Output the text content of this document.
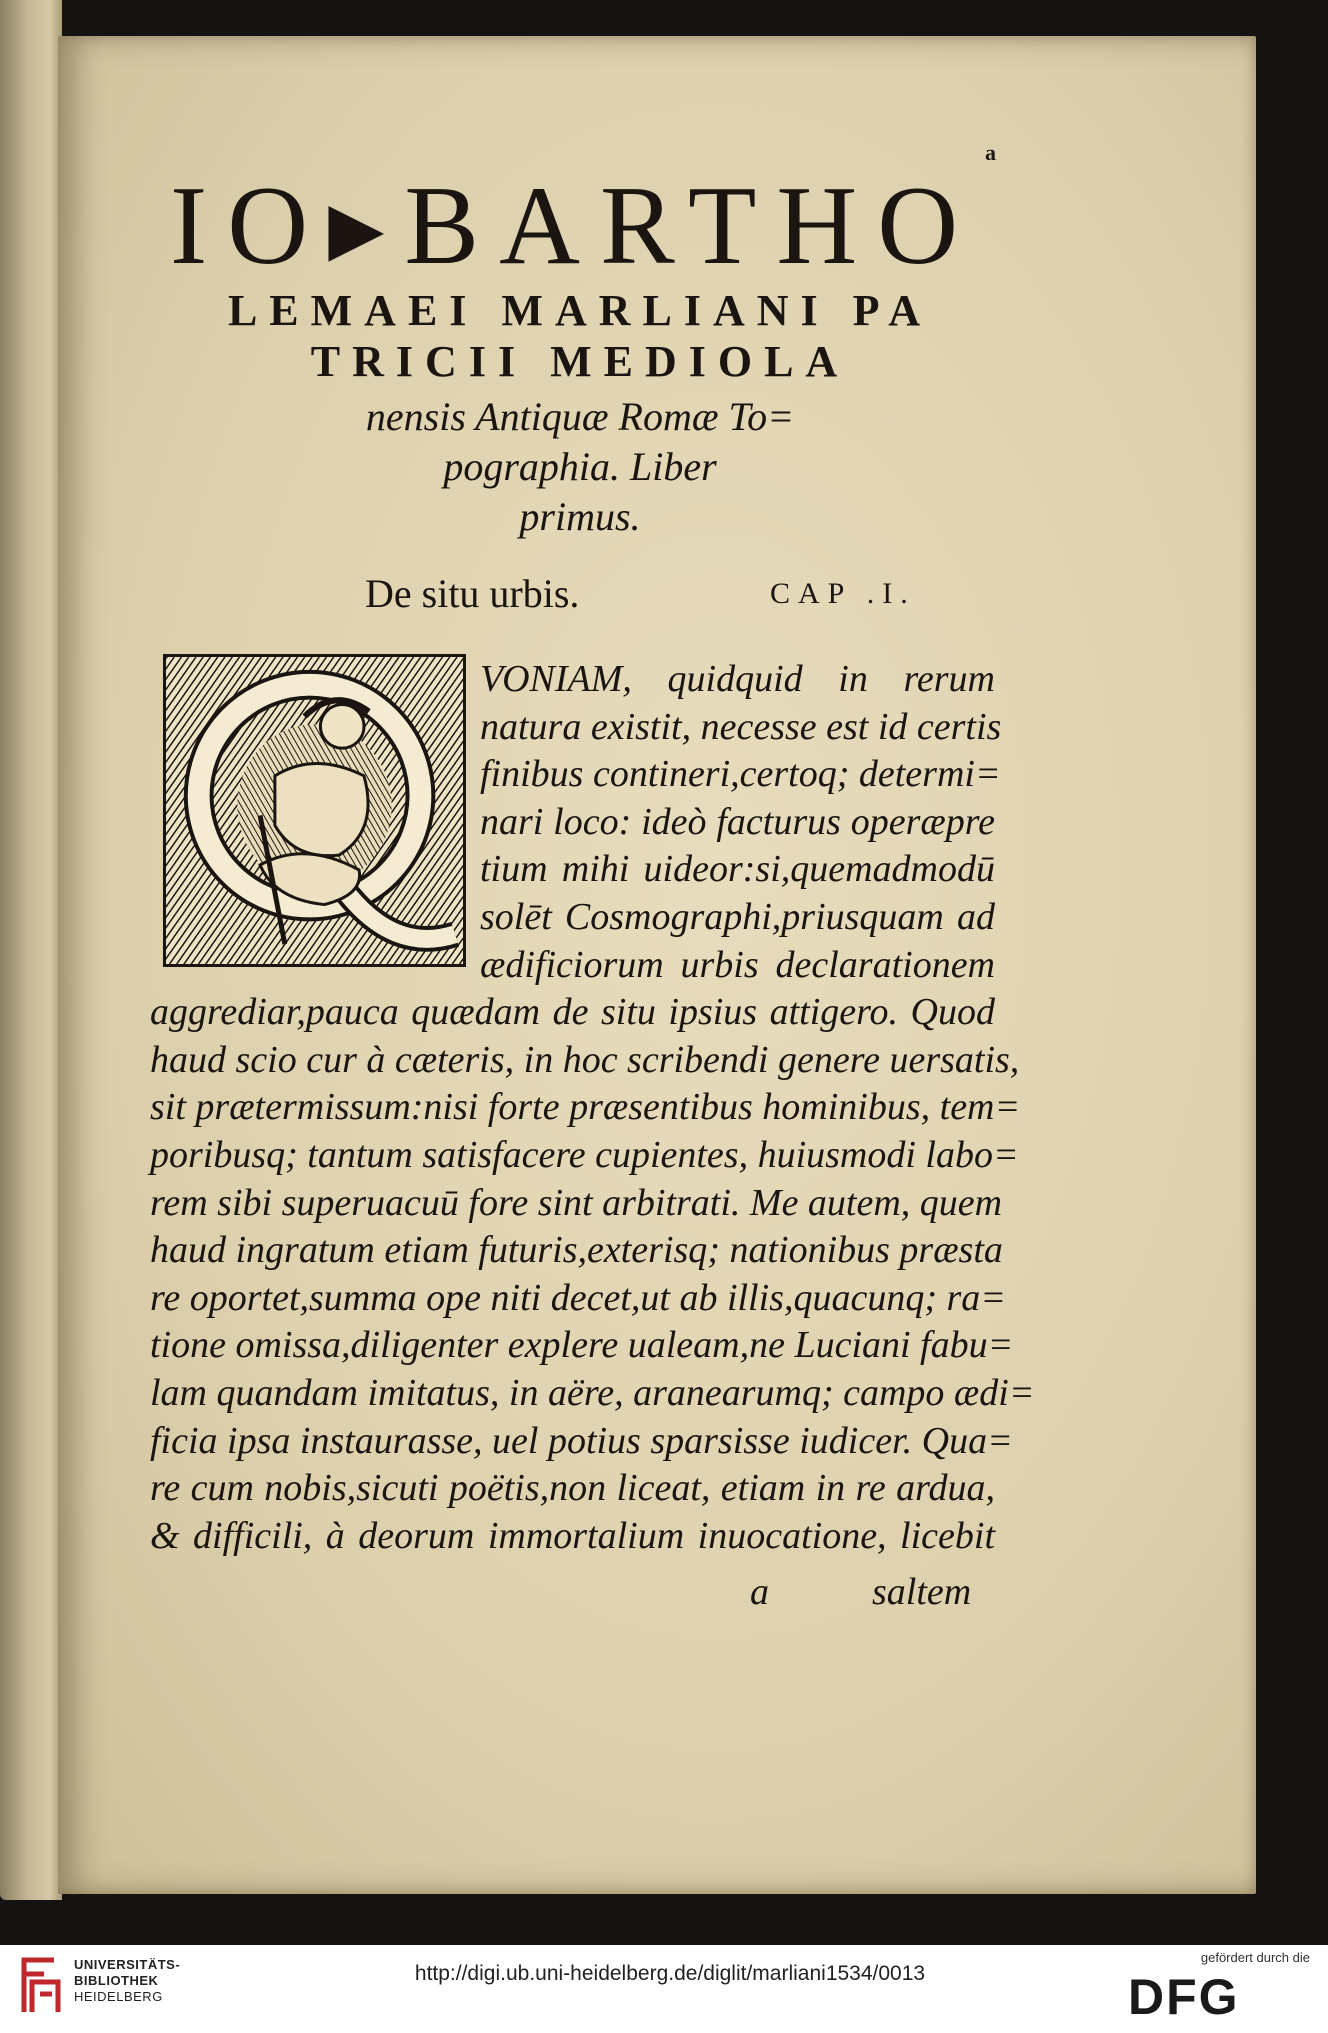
a
IO▸BARTHO
LEMAEI MARLIANI PA
TRICII MEDIOLA
nensis Antiquæ Romæ To=
pographia. Liber
primus.
De situ urbis.	CAP .I.
VONIAM, quidquid in rerum
natura existit, necesse est id certis
finibus contineri,certoq; determi=
nari loco: ideò facturus operæpre
tium mihi uideor:si,quemadmodū
solēt Cosmographi,priusquam ad
ædificiorum urbis declarationem
aggrediar,pauca quædam de situ ipsius attigero. Quod
haud scio cur à cæteris, in hoc scribendi genere uersatis,
sit prætermissum:nisi forte præsentibus hominibus, tem=
poribusq; tantum satisfacere cupientes, huiusmodi labo=
rem sibi superuacuū fore sint arbitrati. Me autem, quem
haud ingratum etiam futuris,exterisq; nationibus præsta
re oportet,summa ope niti decet,ut ab illis,quacunq; ra=
tione omissa,diligenter explere ualeam,ne Luciani fabu=
lam quandam imitatus, in aëre, aranearumq; campo ædi=
ficia ipsa instaurasse, uel potius sparsisse iudicer. Qua=
re cum nobis,sicuti poëtis,non liceat, etiam in re ardua,
& difficili, à deorum immortalium inuocatione, licebit
a	saltem
UNIVERSITÄTS-
BIBLIOTHEK
HEIDELBERG
http://digi.ub.uni-heidelberg.de/diglit/marliani1534/0013
gefördert durch die
DFG
